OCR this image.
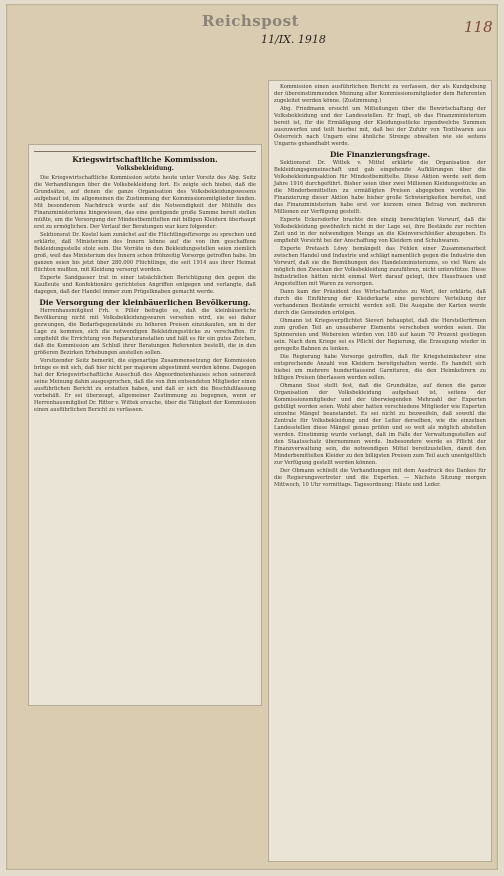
Reichspost
11/IX. 1918
118
Kriegswirtschaftliche Kommission.
Volksbekleidung.

Die Kriegswirtschaftliche Kommission setzte heute unter Vorsitz des Abg. Seitz die Verhandlungen über die Volksbekleidung fort. Es zeigte sich hiebei, daß die Grundsätze, auf denen die ganze Organisation des Volksbekleidungswesens aufgebaut ist, im allgemeinen die Zustimmung der Kommissionsmitglieder fanden. Mit besonderem Nachdruck wurde auf die Notwendigkeit der Mithilfe des Finanzministeriums hingewiesen, das eine genügende große Summe bereit stellen müßte, um die Versorgung der Mindestbemittelten mit billigen Kleidern überhaupt erst zu ermöglichen. Der Verlauf der Beratungen war kurz folgender:

Sektionsrat Dr. Kostel kam zunächst auf die Flüchtlingsfürsorge zu sprechen und erklärte, daß Ministerium des Innern könne auf die von ihm geschaffene Bekleidungsstelle stolz sein. Die Vorräte in den Bekleidungsstellen seien ziemlich groß, weil das Ministerium des Innern schon frühzeitig Vorsorge getroffen habe. Im ganzen seien bis jetzt über 280.000 Flüchtlinge, die seit 1914 aus ihrer Heimat flüchten mußten, mit Kleidung versorgt worden.

Experte Sandgasser trat in einer tatsächlichen Berichtigung den gegen die Kaufleute und Konfektionäre gerichteten Angriffen entgegen und verlangte, daß dagegen, daß der Handel immer zum Prügelknaben gemacht werde.

Die Versorgung der kleinbäuerlichen Bevölkerung.

Herrenhausmitglied Frh. v. Pillér befragte es, daß die kleinbäuerliche Bevölkerung nicht mit Volksbekleidungswaren versehen wird, sie sei daher gezwungen, die Bedarfsgegenstände zu höheren Preisen einzukaufen, um in der Lage zu kommen, sich die notwendigen Bekleidungsstücke zu verschaffen. Er empfiehlt die Errichtung von Reparaturanstalten und hält es für ein gutes Zeichen, daß die Kommission am Schluß ihrer Beratungen Referenten bestellt, die in den größeren Bezirken Erhebungen anstellen sollen.

Vorsitzender Seitz bemerkt, die eigenartige Zusammensetzung der Kommission bringe es mit sich, daß hier nicht per majorem abgestimmt werden könne. Dagegen hat der Kriegswirtschaftliche Ausschuß des Abgeordnetenhauses schon seinerzeit seine Meinung dahin ausgesprochen, daß die von ihm entsendeten Mitglieder einen ausführlichen Bericht zu erstatten haben, und daß er sich die Beschlußfassung vorbehält. Er sei überzeugt, allgemeiner Zustimmung zu begegnen, wenn er Herrenhausmitglied Dr. Ritter v. Wittek ersuche, über die Tätigkeit der Kommission einen ausführlichen Bericht zu verfassen.

Kommission einen ausführlichen Bericht zu verfassen, der als Kundgebung der übereinstimmenden Meinung aller Kommissionsmitglieder dem Referenten zugeleitet werden könne. (Zustimmung.)

Abg. Friedmann ersucht um Mitteilungen über die Bewirtschaftung der Volksbekleidung und der Landesstellen. Er fragt, ob das Finanzministerium bereit ist, für die Ermäßigung der Kleidungsstücke irgendwelche Summen auszuwerfen und teilt hierbei mit, daß bei der Zufuhr von Textilwaren aus Österreich nach Ungarn eine ähnliche Strenge obwalten wie sie seitens Ungarns gehandhabt werde.

Die Finanzierungsfrage.

Sektionsrat Dr. Wittek v. Mittel erklärte die Organisation der Bekleidungsgemeinschaft und gab eingehende Aufklärungen über die Volksbekleidungsaktion für Mindestbemittelte. Diese Aktion werde seit dem Jahre 1916 durchgeführt. Bisher seien über zwei Millionen Kleidungsstücke an die Minderbemittelten zu ermäßigten Preisen abgegeben worden. Die Finanzierung dieser Aktion habe bisher große Schwierigkeiten bereitet, und das Finanzministerium habe erst vor kurzem einen Betrag von mehreren Millionen zur Verfügung gestellt.

Experte Eckersdorfer brachte den einzig berechtigten Vorwurf, daß die Volksbekleidung gewöhnlich nicht in der Lage sei, ihre Bestände zur rechten Zeit und in der notwendigen Menge an die Kleinverschleißer abzugeben. Es empfiehlt Vorsicht bei der Anschaffung von Kleidern und Schuhwaren.

Experte Pretasch Löwy bemängelt das Fehlen einer Zusammenarbeit zwischen Handel und Industrie und schlägt namentlich gegen die Industrie den Vorwurf, daß sie die Bemühungen des Handelsministeriums, so viel Ware als möglich den Zwecken der Volksbekleidung zuzuführen, nicht unterstütze. Diese Industriellen hätten nicht einmal Wert darauf gelegt, ihre Hausfrauen und Angestellten mit Waren zu versorgen.

Dann kam der Präsident des Wirtschaftsrates zu Wort, der erklärte, daß durch die Einführung der Kleiderkarte eine gerechtere Verteilung der vorhandenen Bestände erreicht werden soll. Die Ausgabe der Karten werde durch die Gemeinden erfolgen.

Ohmann ist Kriegsverpflichtet Sieveri behauptet, daß die Herstellerfirmen zum großen Teil an unsauberer Elemente verschoben worden seien. Die Spinnereien und Webereien würden von 180 auf kaum 70 Prozent gestiegen sein. Nach dem Kriege sei es Pflicht der Regierung, die Erzeugung wieder in geregelte Bahnen zu lenken.

Die Regierung habe Vorsorge getroffen, daß für Kriegsheimkehrer eine entsprechende Anzahl von Kleidern bereitgehalten werde. Es handelt sich hiebei um mehrere hunderttausend Garnituren, die den Heimkehrern zu billigen Preisen überlassen werden sollen.

Ohmann Sissi stellt fest, daß die Grundsätze, auf denen die ganze Organisation der Volksbekleidung aufgebaut ist, seitens der Kommissionsmitglieder und der überwiegenden Mehrzahl der Experten gebilligt worden seien. Wohl aber hatten verschiedene Mitglieder wie Experten einzelne Mängel beanstandet. Es sei nicht zu bezweifeln, daß sowohl die Zentrale für Volksbekleidung und der Leiter derselben, wie die einzelnen Landesstellen diese Mängel genau prüfen und so weit als möglich abstellen werden. Einstimmig wurde verlangt, daß im Falle der Verwaltungsstellen auf den Staatsschatz übernommen werde. Insbesondere werde es Pflicht der Finanzverwaltung sein, die notwendigen Mittel bereitzustellen, damit den Minderbemittelten Kleider zu den billigsten Preisen zum Teil auch unentgeltlich zur Verfügung gestellt werden können.

Der Obmann schließt die Verhandlungen mit dem Ausdruck des Dankes für die Regierungsvertreter und die Experten. — Nächste Sitzung morgen Mittwoch, 10 Uhr vormittags. Tagesordnung: Häute und Leder.
